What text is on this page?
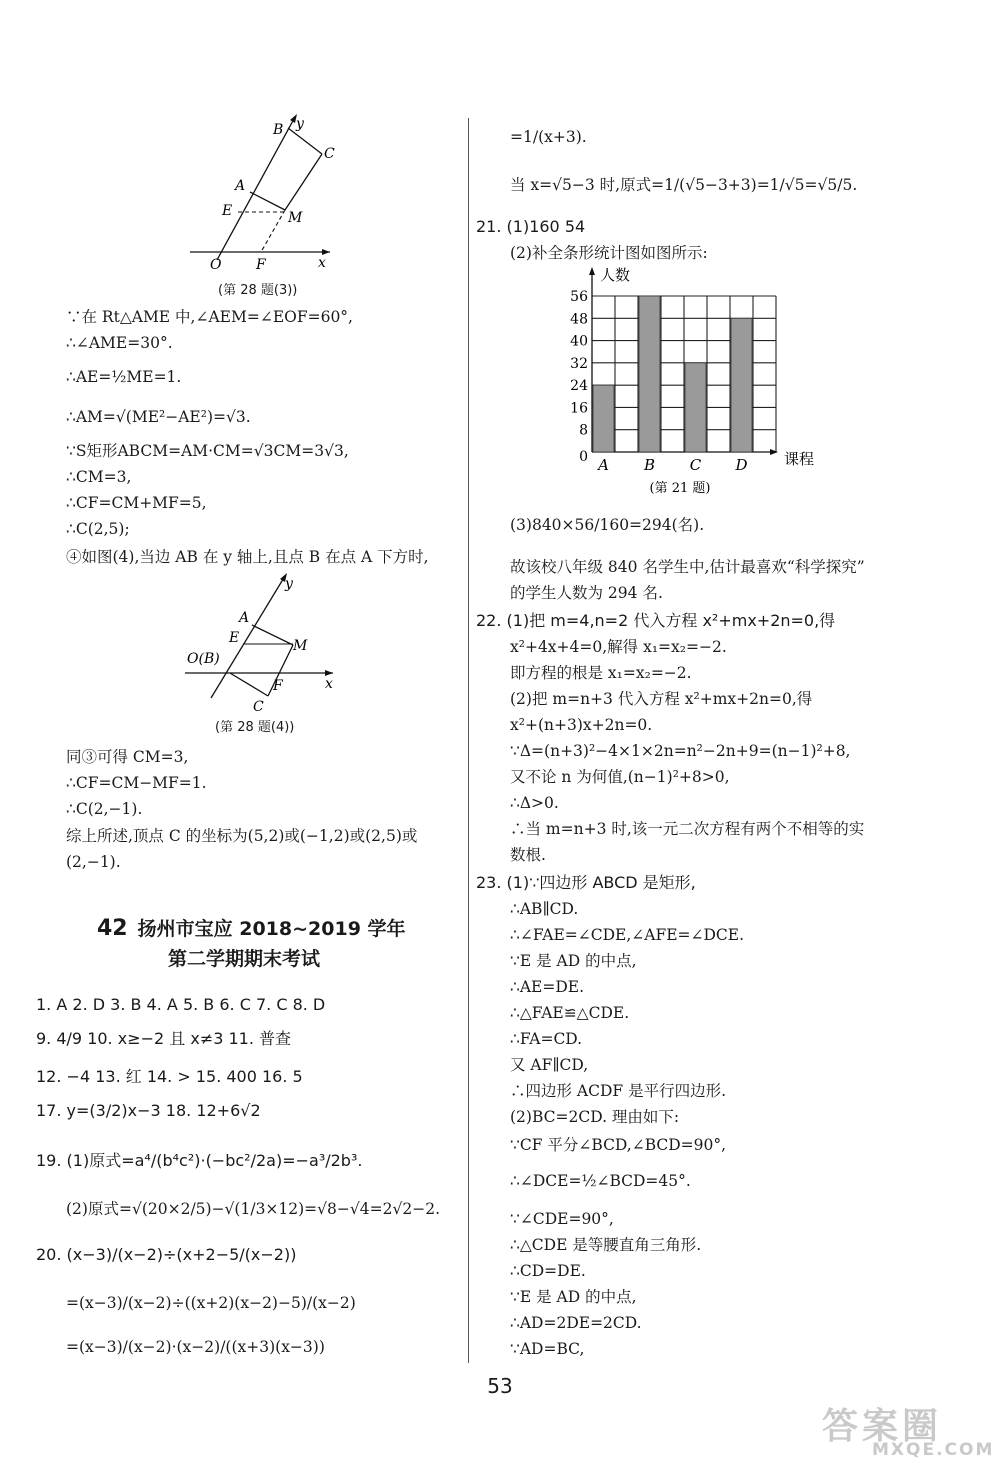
B y
C
A
E	M
O F	x
(第 28 题(3))
∵在 Rt△AME 中,∠AEM=∠EOF=60°,
∴∠AME=30°.
∴AE=½ME=1.
∴AM=√(ME²−AE²)=√3.
∵S矩形ABCM=AM·CM=√3CM=3√3,
∴CM=3,
∴CF=CM+MF=5,
∴C(2,5);
④如图(4),当边 AB 在 y 轴上,且点 B 在点 A 下方时,
A
y
E	M
O(B)
F
C
x
(第 28 题(4))
同③可得 CM=3,
∴CF=CM−MF=1.
∴C(2,−1).
综上所述,顶点 C 的坐标为(5,2)或(−1,2)或(2,5)或
(2,−1).
42 扬州市宝应 2018~2019 学年
第二学期期末考试
1. A 2. D 3. B 4. A 5. B 6. C 7. C 8. D
9. 4/9 10. x≥−2 且 x≠3 11. 普查
12. −4 13. 红 14. > 15. 400 16. 5
17. y=(3/2)x−3 18. 12+6√2
19. (1)原式=a⁴/(b⁴c²)·(−bc²/2a)=−a³/2b³.
(2)原式=√(20×2/5)−√(1/3×12)=√8−√4=2√2−2.
20. (x−3)/(x−2)÷(x+2−5/(x−2))
=(x−3)/(x−2)÷((x+2)(x−2)−5)/(x−2)
=(x−3)/(x−2)·(x−2)/((x+3)(x−3))
=1/(x+3).
当 x=√5−3 时,原式=1/(√5−3+3)=1/√5=√5/5.
21. (1)160 54
(2)补全条形统计图如图所示:
0
8
16
24
32
40
48
56
A B C D
人数
课程
(第 21 题)
(3)840×56/160=294(名).
故该校八年级 840 名学生中,估计最喜欢“科学探究”
的学生人数为 294 名.
22. (1)把 m=4,n=2 代入方程 x²+mx+2n=0,得
x²+4x+4=0,解得 x₁=x₂=−2.
即方程的根是 x₁=x₂=−2.
(2)把 m=n+3 代入方程 x²+mx+2n=0,得
x²+(n+3)x+2n=0.
∵Δ=(n+3)²−4×1×2n=n²−2n+9=(n−1)²+8,
又不论 n 为何值,(n−1)²+8>0,
∴Δ>0.
∴当 m=n+3 时,该一元二次方程有两个不相等的实
数根.
23. (1)∵四边形 ABCD 是矩形,
∴AB∥CD.
∴∠FAE=∠CDE,∠AFE=∠DCE.
∵E 是 AD 的中点,
∴AE=DE.
∴△FAE≌△CDE.
∴FA=CD.
又 AF∥CD,
∴四边形 ACDF 是平行四边形.
(2)BC=2CD. 理由如下:
∵CF 平分∠BCD,∠BCD=90°,
∴∠DCE=½∠BCD=45°.
∵∠CDE=90°,
∴△CDE 是等腰直角三角形.
∴CD=DE.
∵E 是 AD 的中点,
∴AD=2DE=2CD.
∵AD=BC,
53
答案圈
MXQE.COM
